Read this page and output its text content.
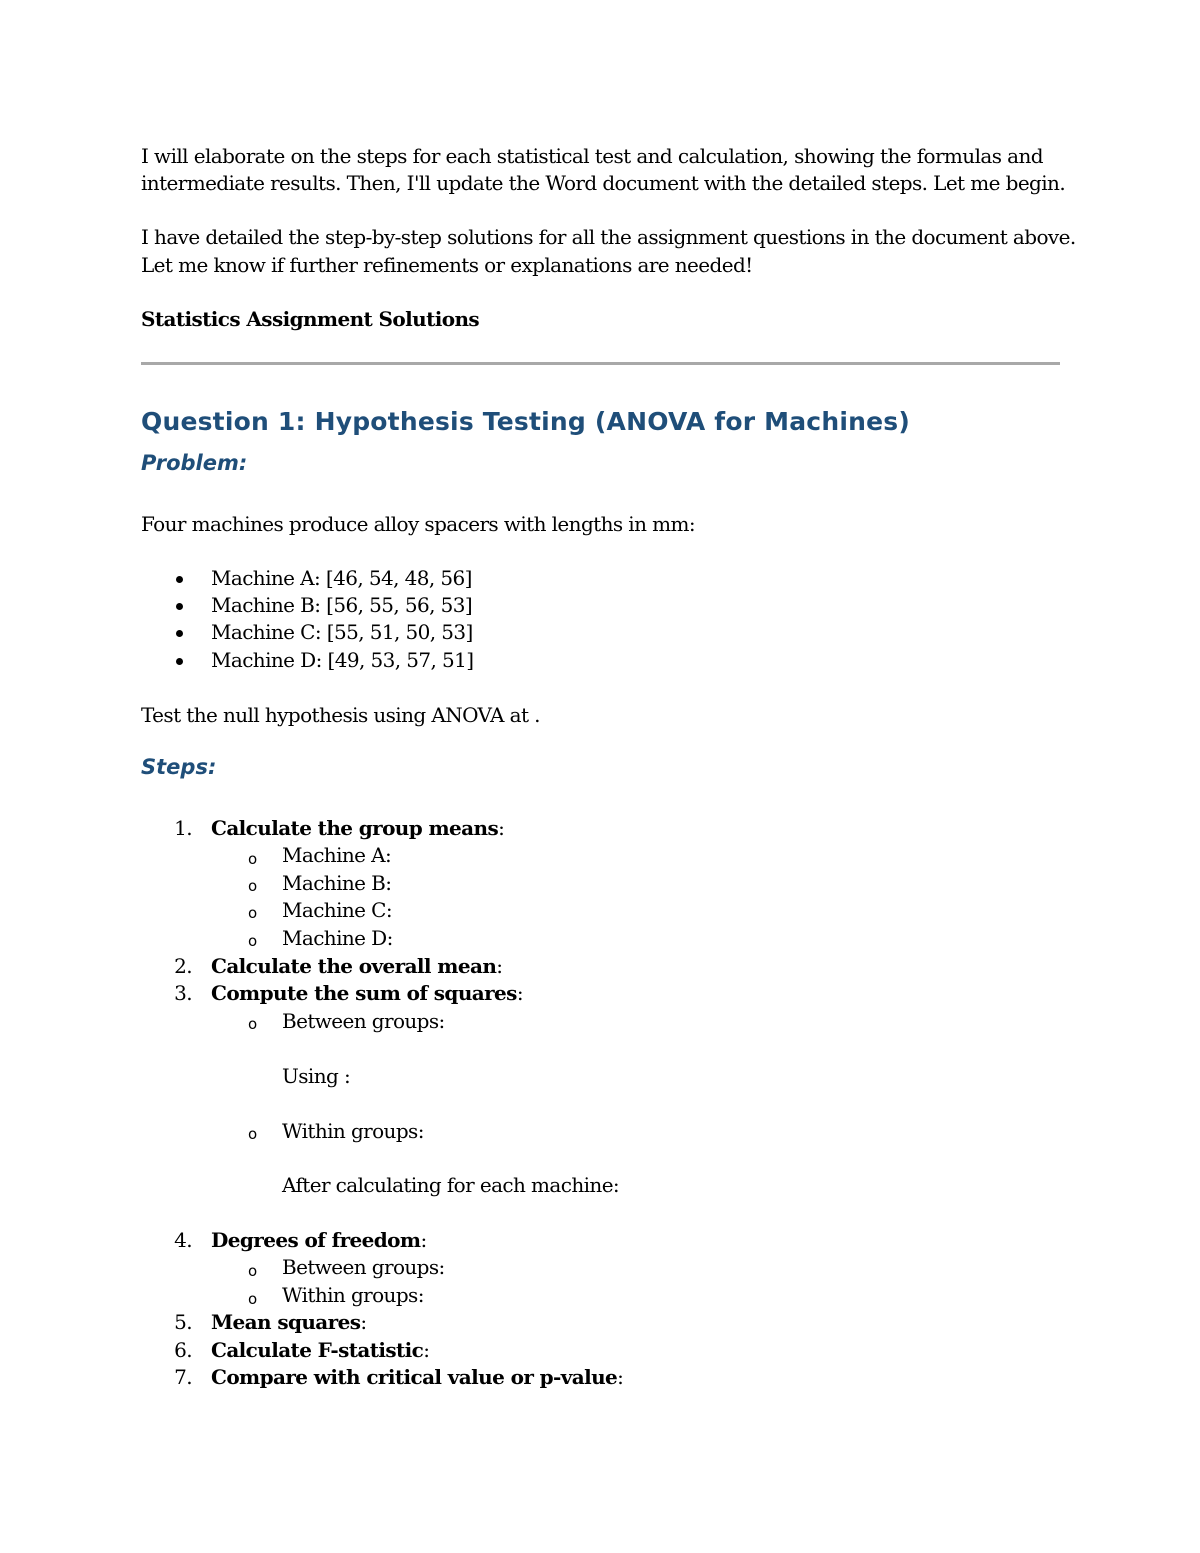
I will elaborate on the steps for each statistical test and calculation, showing the formulas and

intermediate results. Then, I'll update the Word document with the detailed steps. Let me begin.

I have detailed the step-by-step solutions for all the assignment questions in the document above.

Let me know if further refinements or explanations are needed!

Statistics Assignment Solutions

Question 1: Hypothesis Testing (ANOVA for Machines)
Problem:

Four machines produce alloy spacers with lengths in mm:

Machine A: [46, 54, 48, 56]

Machine B: [56, 55, 56, 53]

Machine C: [55, 51, 50, 53]

Machine D: [49, 53, 57, 51]

Test the null hypothesis using ANOVA at .

Steps:
1. Calculate the group means:

o Machine A:

o Machine B:

o Machine C:

o Machine D:

2. Calculate the overall mean:

3. Compute the sum of squares:

o Between groups:

Using :

o Within groups:

After calculating for each machine:

4. Degrees of freedom:

o Between groups:

o Within groups:

5. Mean squares:

6. Calculate F-statistic:

7. Compare with critical value or p-value:
